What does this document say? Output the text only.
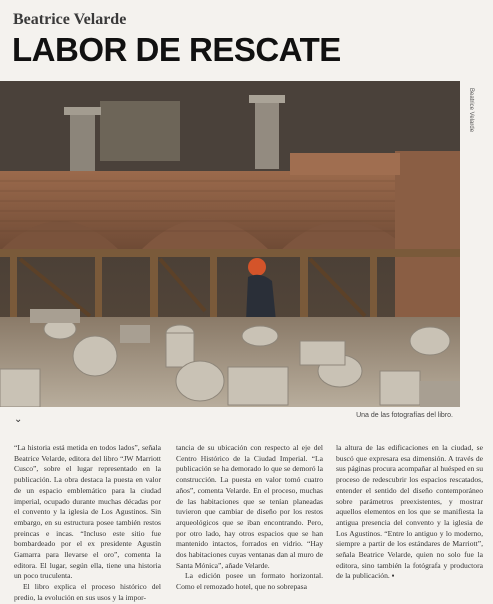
Beatrice Velarde
LABOR DE RESCATE
Beatrice Velarde
Una de las fotografías del libro.
⌄

“La historia está metida en todos lados”, señala Beatrice Velarde, editora del libro “JW Marriott Cusco”, sobre el lugar representado en la publicación. La obra destaca la puesta en valor de un espacio emblemático para la ciudad imperial, ocupado durante muchas décadas por el convento y la iglesia de Los Agustinos. Sin embargo, en su estructura posee también restos preincas e incas. “Incluso este sitio fue bombardeado por el ex presidente Agustín Gamarra para llevarse el oro”, comenta la editora. El lugar, según ella, tiene una historia un poco truculenta.

El libro explica el proceso histórico del predio, la evolución en sus usos y la impor-

tancia de su ubicación con respecto al eje del Centro Histórico de la Ciudad Imperial. “La publicación se ha demorado lo que se demoró la construcción. La puesta en valor tomó cuatro años”, comenta Velarde. En el proceso, muchas de las habitaciones que se tenían planeadas tuvieron que cambiar de diseño por los restos arqueológicos que se iban encontrando. Pero, por otro lado, hay otros espacios que se han mantenido intactos, forrados en vidrio. “Hay dos habitaciones cuyas ventanas dan al muro de Santa Mónica”, añade Velarde.

La edición posee un formato horizontal. Como el remozado hotel, que no sobrepasa

la altura de las edificaciones en la ciudad, se buscó que expresara esa dimensión. A través de sus páginas procura acompañar al huésped en su proceso de redescubrir los espacios rescatados, entender el sentido del diseño contemporáneo sobre parámetros preexistentes, y mostrar aquellos elementos en los que se manifiesta la antigua presencia del convento y la iglesia de Los Agustinos. “Entre lo antiguo y lo moderno, siempre a partir de los estándares de Marriott”, señala Beatrice Velarde, quien no solo fue la editora, sino también la fotógrafa y productora de la publicación. ▪
